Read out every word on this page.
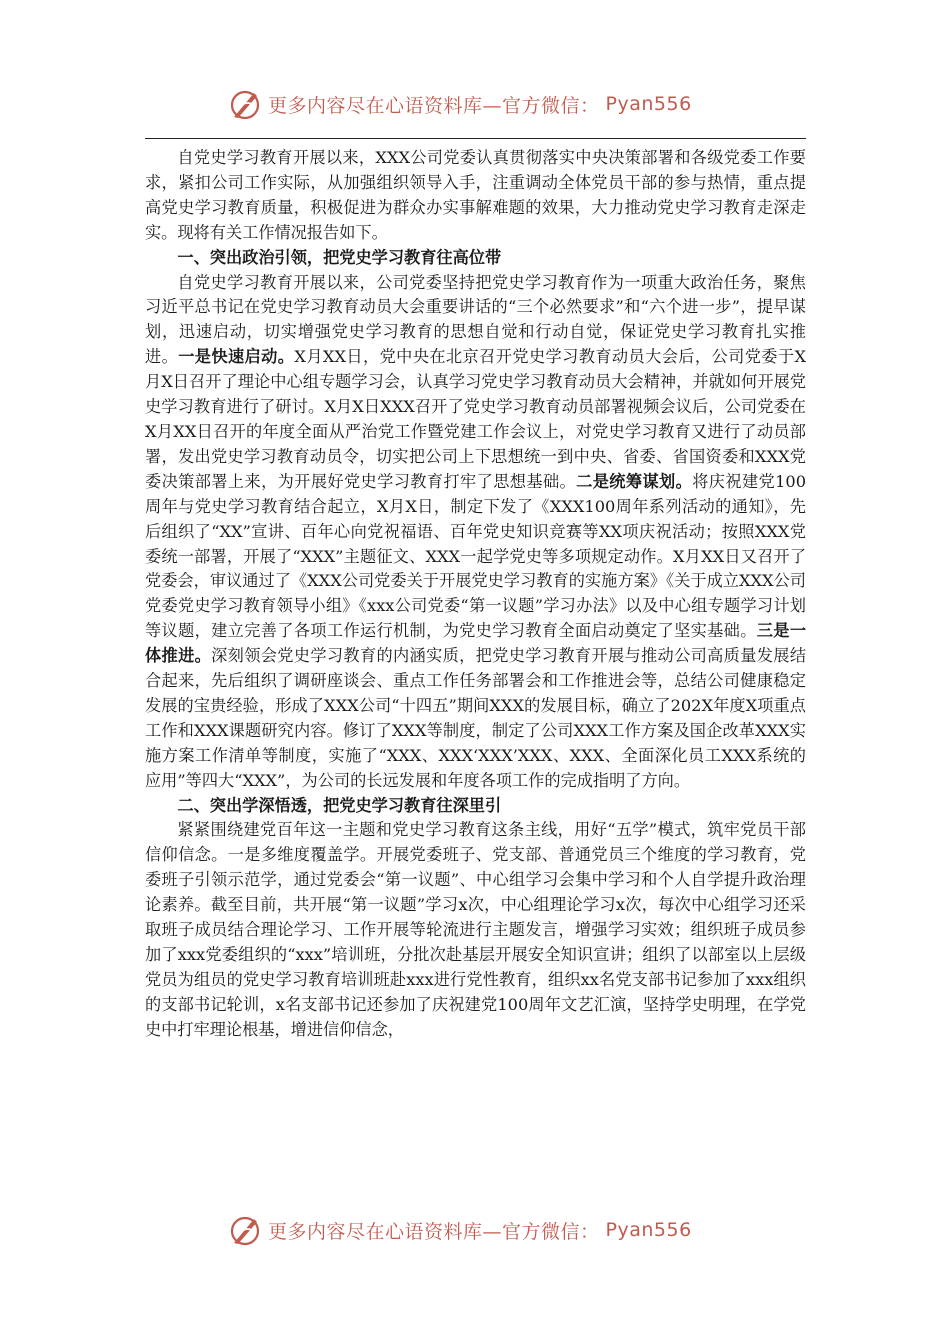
更多内容尽在心语资料库—官方微信： Pyan556

自党史学习教育开展以来，XXX公司党委认真贯彻落实中央决策部署和各级党委工作要求，紧扣公司工作实际，从加强组织领导入手，注重调动全体党员干部的参与热情，重点提高党史学习教育质量，积极促进为群众办实事解难题的效果，大力推动党史学习教育走深走实。现将有关工作情况报告如下。

一、突出政治引领，把党史学习教育往高位带

自党史学习教育开展以来，公司党委坚持把党史学习教育作为一项重大政治任务，聚焦习近平总书记在党史学习教育动员大会重要讲话的“三个必然要求”和“六个进一步”，提早谋划，迅速启动，切实增强党史学习教育的思想自觉和行动自觉，保证党史学习教育扎实推进。一是快速启动。X月XX日，党中央在北京召开党史学习教育动员大会后，公司党委于X月X日召开了理论中心组专题学习会，认真学习党史学习教育动员大会精神，并就如何开展党史学习教育进行了研讨。X月X日XXX召开了党史学习教育动员部署视频会议后，公司党委在X月XX日召开的年度全面从严治党工作暨党建工作会议上，对党史学习教育又进行了动员部署，发出党史学习教育动员令，切实把公司上下思想统一到中央、省委、省国资委和XXX党委决策部署上来，为开展好党史学习教育打牢了思想基础。二是统筹谋划。将庆祝建党100周年与党史学习教育结合起立，X月X日，制定下发了《XXX100周年系列活动的通知》，先后组织了“XX”宣讲、百年心向党祝福语、百年党史知识竞赛等XX项庆祝活动；按照XXX党委统一部署，开展了“XXX”主题征文、XXX一起学党史等多项规定动作。X月XX日又召开了党委会，审议通过了《XXX公司党委关于开展党史学习教育的实施方案》《关于成立XXX公司党委党史学习教育领导小组》《xxx公司党委“第一议题”学习办法》以及中心组专题学习计划等议题，建立完善了各项工作运行机制，为党史学习教育全面启动奠定了坚实基础。三是一体推进。深刻领会党史学习教育的内涵实质，把党史学习教育开展与推动公司高质量发展结合起来，先后组织了调研座谈会、重点工作任务部署会和工作推进会等，总结公司健康稳定发展的宝贵经验，形成了XXX公司“十四五”期间XXX的发展目标，确立了202X年度X项重点工作和XXX课题研究内容。修订了XXX等制度，制定了公司XXX工作方案及国企改革XXX实施方案工作清单等制度，实施了“XXX、XXX‘XXX’XXX、XXX、全面深化员工XXX系统的应用”等四大“XXX”，为公司的长远发展和年度各项工作的完成指明了方向。

二、突出学深悟透，把党史学习教育往深里引

紧紧围绕建党百年这一主题和党史学习教育这条主线，用好“五学”模式，筑牢党员干部信仰信念。一是多维度覆盖学。开展党委班子、党支部、普通党员三个维度的学习教育，党委班子引领示范学，通过党委会“第一议题”、中心组学习会集中学习和个人自学提升政治理论素养。截至目前，共开展“第一议题”学习x次，中心组理论学习x次，每次中心组学习还采取班子成员结合理论学习、工作开展等轮流进行主题发言，增强学习实效；组织班子成员参加了xxx党委组织的“xxx”培训班，分批次赴基层开展安全知识宣讲；组织了以部室以上层级党员为组员的党史学习教育培训班赴xxx进行党性教育，组织xx名党支部书记参加了xxx组织的支部书记轮训，x名支部书记还参加了庆祝建党100周年文艺汇演，坚持学史明理，在学党史中打牢理论根基，增进信仰信念，

更多内容尽在心语资料库—官方微信： Pyan556
